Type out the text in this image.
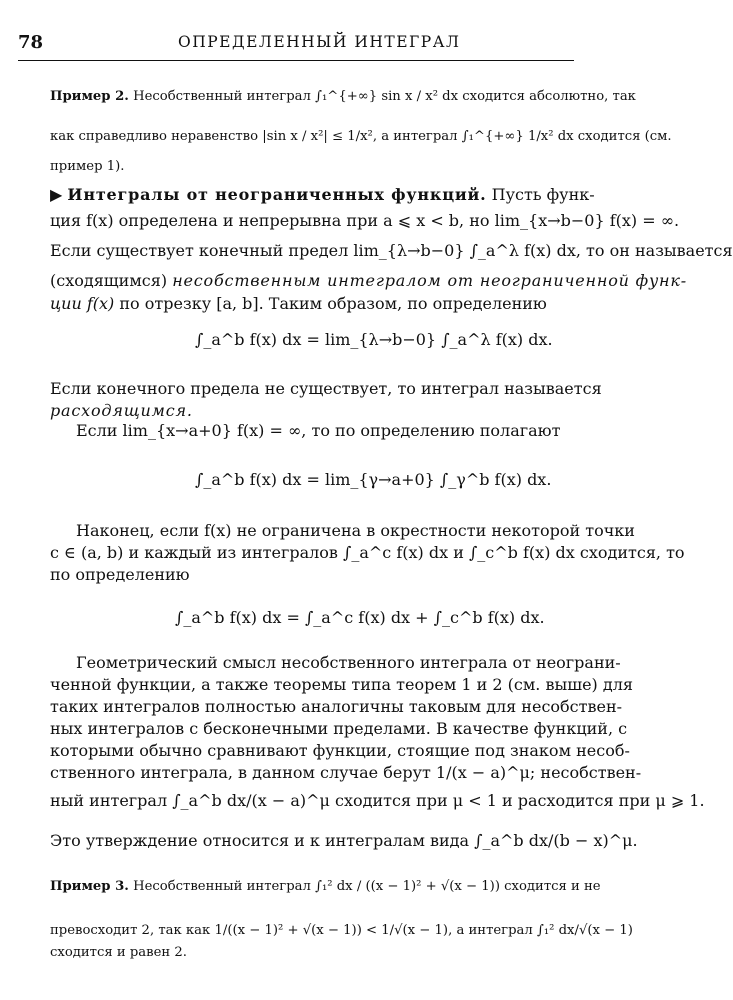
78	ОПРЕДЕЛЕННЫЙ ИНТЕГРАЛ
Пример 2. Несобственный интеграл ∫₁^{+∞} sin x / x² dx сходится абсолютно, так
как справедливо неравенство |sin x / x²| ≤ 1/x², а интеграл ∫₁^{+∞} 1/x² dx сходится (см.
пример 1).
▶ Интегралы от неограниченных функций. Пусть функ-
ция f(x) определена и непрерывна при a ⩽ x < b, но lim_{x→b−0} f(x) = ∞.
Если существует конечный предел lim_{λ→b−0} ∫_a^λ f(x) dx, то он называется
(сходящимся) несобственным интегралом от неограниченной функ-
ции f(x) по отрезку [a, b]. Таким образом, по определению
∫_a^b f(x) dx = lim_{λ→b−0} ∫_a^λ f(x) dx.
Если конечного предела не существует, то интеграл называется
расходящимся.
Если lim_{x→a+0} f(x) = ∞, то по определению полагают
∫_a^b f(x) dx = lim_{γ→a+0} ∫_γ^b f(x) dx.
Наконец, если f(x) не ограничена в окрестности некоторой точки
c ∈ (a, b) и каждый из интегралов ∫_a^c f(x) dx и ∫_c^b f(x) dx сходится, то
по определению
∫_a^b f(x) dx = ∫_a^c f(x) dx + ∫_c^b f(x) dx.
Геометрический смысл несобственного интеграла от неограни-
ченной функции, а также теоремы типа теорем 1 и 2 (см. выше) для
таких интегралов полностью аналогичны таковым для несобствен-
ных интегралов с бесконечными пределами. В качестве функций, с
которыми обычно сравнивают функции, стоящие под знаком несоб-
ственного интеграла, в данном случае берут 1/(x − a)^μ; несобствен-
ный интеграл ∫_a^b dx/(x − a)^μ сходится при μ < 1 и расходится при μ ⩾ 1.
Это утверждение относится и к интегралам вида ∫_a^b dx/(b − x)^μ.
Пример 3. Несобственный интеграл ∫₁² dx / ((x − 1)² + √(x − 1)) сходится и не
превосходит 2, так как 1/((x − 1)² + √(x − 1)) < 1/√(x − 1), а интеграл ∫₁² dx/√(x − 1)
сходится и равен 2.
